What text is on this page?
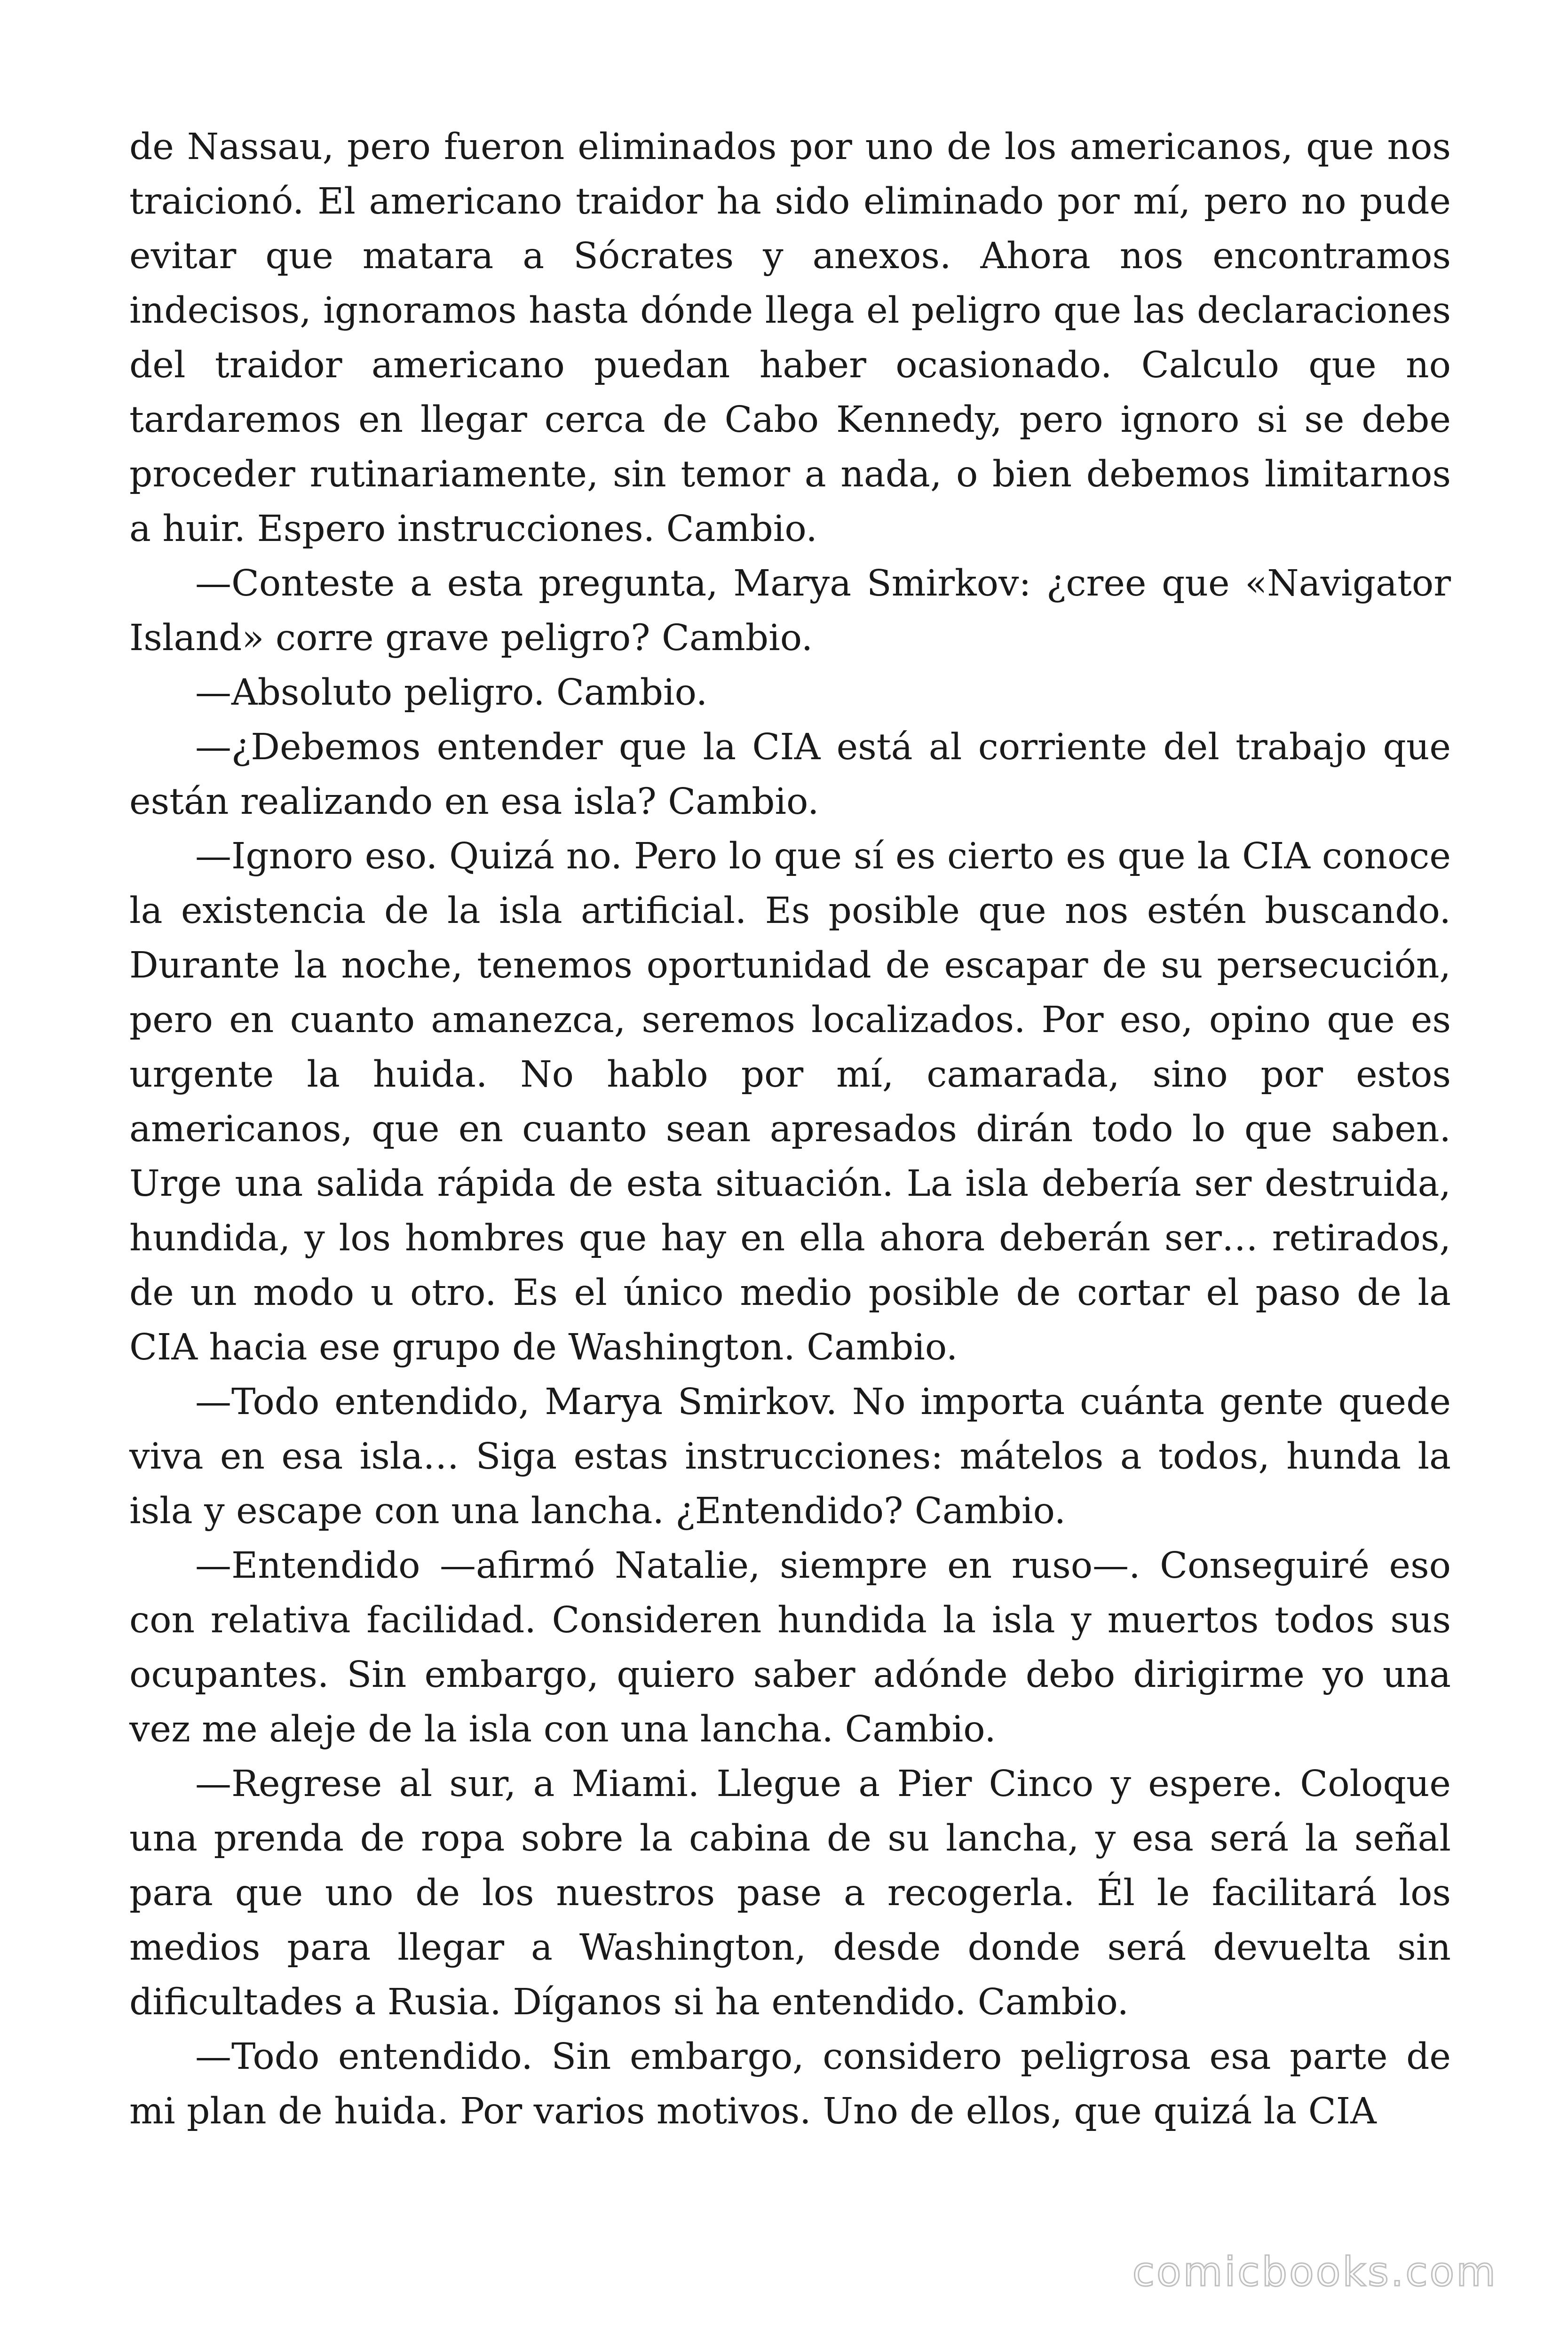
de Nassau, pero fueron eliminados por uno de los americanos, que nos traicionó. El americano traidor ha sido eliminado por mí, pero no pude evitar que matara a Sócrates y anexos. Ahora nos encontramos indecisos, ignoramos hasta dónde llega el peligro que las declaraciones del traidor americano puedan haber ocasionado. Calculo que no tardaremos en llegar cerca de Cabo Kennedy, pero ignoro si se debe proceder rutinariamente, sin temor a nada, o bien debemos limitarnos a huir. Espero instrucciones. Cambio.

—Conteste a esta pregunta, Marya Smirkov: ¿cree que «Navigator Island» corre grave peligro? Cambio.

—Absoluto peligro. Cambio.

—¿Debemos entender que la CIA está al corriente del trabajo que están realizando en esa isla? Cambio.

—Ignoro eso. Quizá no. Pero lo que sí es cierto es que la CIA conoce la existencia de la isla artificial. Es posible que nos estén buscando. Durante la noche, tenemos oportunidad de escapar de su persecución, pero en cuanto amanezca, seremos localizados. Por eso, opino que es urgente la huida. No hablo por mí, camarada, sino por estos americanos, que en cuanto sean apresados dirán todo lo que saben. Urge una salida rápida de esta situación. La isla debería ser destruida, hundida, y los hombres que hay en ella ahora deberán ser… retirados, de un modo u otro. Es el único medio posible de cortar el paso de la CIA hacia ese grupo de Washington. Cambio.

—Todo entendido, Marya Smirkov. No importa cuánta gente quede viva en esa isla… Siga estas instrucciones: mátelos a todos, hunda la isla y escape con una lancha. ¿Entendido? Cambio.

—Entendido —afirmó Natalie, siempre en ruso—. Conseguiré eso con relativa facilidad. Consideren hundida la isla y muertos todos sus ocupantes. Sin embargo, quiero saber adónde debo dirigirme yo una vez me aleje de la isla con una lancha. Cambio.

—Regrese al sur, a Miami. Llegue a Pier Cinco y espere. Coloque una prenda de ropa sobre la cabina de su lancha, y esa será la señal para que uno de los nuestros pase a recogerla. Él le facilitará los medios para llegar a Washington, desde donde será devuelta sin dificultades a Rusia. Díganos si ha entendido. Cambio.

—Todo entendido. Sin embargo, considero peligrosa esa parte de mi plan de huida. Por varios motivos. Uno de ellos, que quizá la CIA

comicbooks.com
